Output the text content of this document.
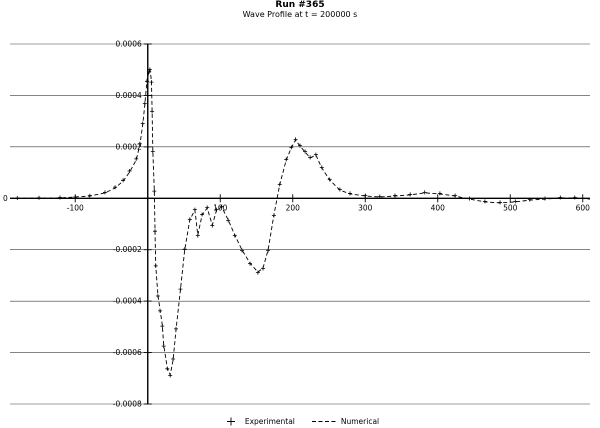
0.0006
0.0004
0.0002
0
-0.0002
-0.0004
-0.0006
-0.0008
-100	100	200	300	400	500	600
Run #365
Wave Profile at t = 200000 s
Experimental	Numerical
